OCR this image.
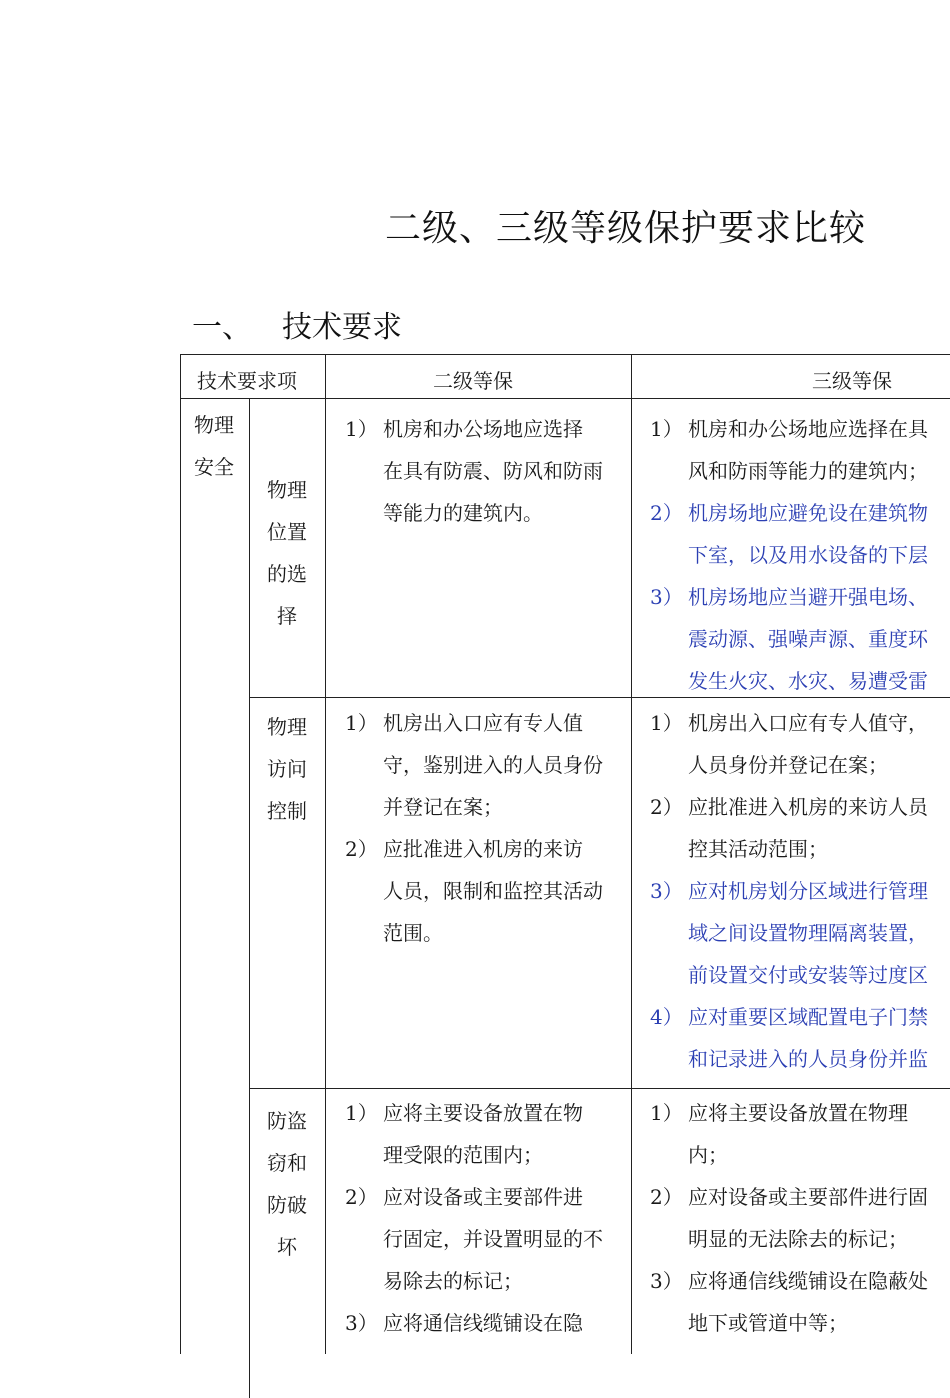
二级、三级等级保护要求比较
一、 技术要求
技术要求项	二级等保	三级等保
物理
安全
物理
位置
的选
择
1） 机房和办公场地应选择
在具有防震、防风和防雨
等能力的建筑内。
1） 机房和办公场地应选择在具
风和防雨等能力的建筑内；
2） 机房场地应避免设在建筑物
下室，以及用水设备的下层
3） 机房场地应当避开强电场、
震动源、强噪声源、重度环
发生火灾、水灾、易遭受雷
物理
访问
控制
1） 机房出入口应有专人值
守，鉴别进入的人员身份
并登记在案；
2） 应批准进入机房的来访
人员，限制和监控其活动
范围。
1） 机房出入口应有专人值守，
人员身份并登记在案；
2） 应批准进入机房的来访人员
控其活动范围；
3） 应对机房划分区域进行管理
域之间设置物理隔离装置，
前设置交付或安装等过度区
4） 应对重要区域配置电子门禁
和记录进入的人员身份并监
防盗
窃和
防破
坏
1） 应将主要设备放置在物
理受限的范围内；
2） 应对设备或主要部件进
行固定，并设置明显的不
易除去的标记；
3） 应将通信线缆铺设在隐
1） 应将主要设备放置在物理
内；
2） 应对设备或主要部件进行固
明显的无法除去的标记；
3） 应将通信线缆铺设在隐蔽处
地下或管道中等；
